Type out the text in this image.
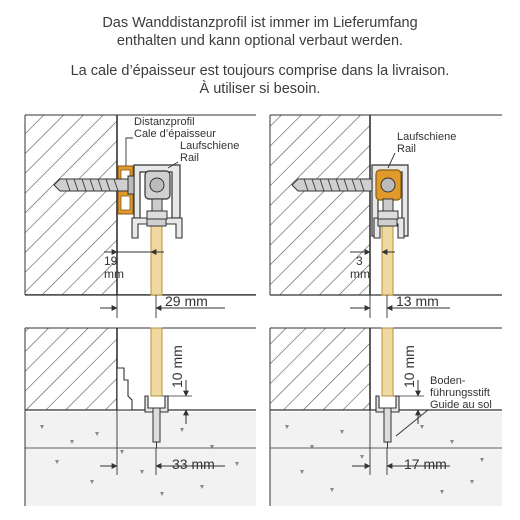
Das Wanddistanzprofil ist immer im Lieferumfang
enthalten und kann optional verbaut werden.
La cale d’épaisseur est toujours comprise dans la livraison.
À utiliser si besoin.
Distanzprofil
Cale d’épaisseur
Laufschiene
Rail
19
mm
29 mm
Laufschiene
Rail
3
mm
13 mm
10 mm
33 mm
10 mm Boden-
führungsstift
Guide au sol
17 mm
